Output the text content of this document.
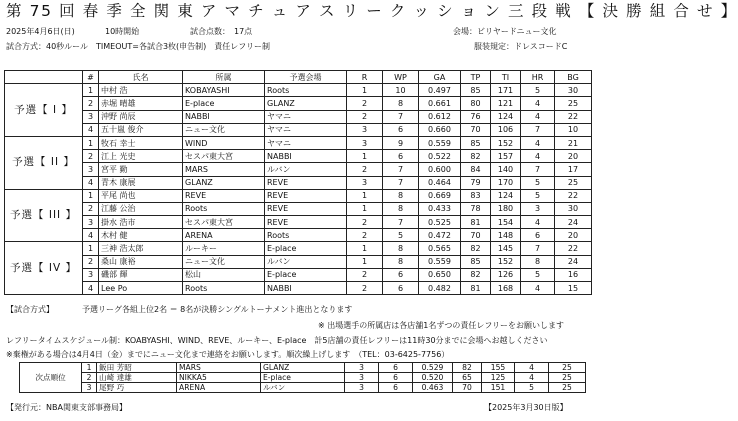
第 75 回 春 季 全 関 東 ア マ チ ュ ア ス リ ー ク ッ シ ョ ン 三 段 戦 【 決 勝 組 合 せ 】
2025年4月6日(日)	10時開始	試合点数：　17点	会場：ビリヤードニュー文化
試合方式：40秒ルール　TIMEOUT=各試合3枚(申告制)　責任レフリー制	服装規定：ドレスコードC
	#	氏名	所属	予選会場	R	WP	GA	TP	TI	HR	BG
予選【 I 】	1	中村 浩	KOBAYASHI	Roots	1	10	0.497	85	171	5	30
	2	赤堀 晴雄	E-place	GLANZ	2	8	0.661	80	121	4	25
	3	沖野 尚辰	NABBI	ヤマニ	2	7	0.612	76	124	4	22
	4	五十嵐 俊介	ニュー文化	ヤマニ	3	6	0.660	70	106	7	10
予選【 II 】	1	牧石 幸士	WIND	ヤマニ	3	9	0.559	85	152	4	21
	2	江上 光史	セスパ東大宮	NABBI	1	6	0.522	82	157	4	20
	3	宮平 勤	MARS	ルバン	2	7	0.600	84	140	7	17
	4	青木 康展	GLANZ	REVE	3	7	0.464	79	170	5	25
予選【 III 】	1	平尾 尚也	REVE	REVE	1	8	0.669	83	124	5	22
	2	江藤 公治	Roots	REVE	1	8	0.433	78	180	3	30
	3	掛水 浩市	セスパ東大宮	REVE	2	7	0.525	81	154	4	24
	4	木村 健	ARENA	Roots	2	5	0.472	70	148	6	20
予選【 IV 】	1	三神 浩太郎	ルーキー	E-place	1	8	0.565	82	145	7	22
	2	桑山 康裕	ニュー文化	ルバン	1	8	0.559	85	152	8	24
	3	磯部 輝	松山	E-place	2	6	0.650	82	126	5	16
	4	Lee Po	Roots	NABBI	2	6	0.482	81	168	4	15
【試合方式】	予選リーグ各組上位2名 ＝ 8名が決勝シングルトーナメント進出となります
※ 出場選手の所属店は各店舗1名ずつの責任レフリーをお願いします
レフリータイムスケジュール制：KOABYASHI、WIND、REVE、ルーキー、E-place　計5店舗の責任レフリーは11時30分までに会場へお越しください
※棄権がある場合は4月4日（金）までにニュー文化まで連絡をお願いします。順次繰上げします　（TEL：03-6425-7756）
次点順位	1	飯田 芳昭	MARS	GLANZ	3	6	0.529	82	155	4	25
	2	山崎 達雄	NIKKA5	E-place	3	6	0.520	65	125	4	25
	3	尾野 巧	ARENA	ルバン	3	6	0.463	70	151	5	25
【発行元：NBA関東支部事務局】	【2025年3月30日版】
